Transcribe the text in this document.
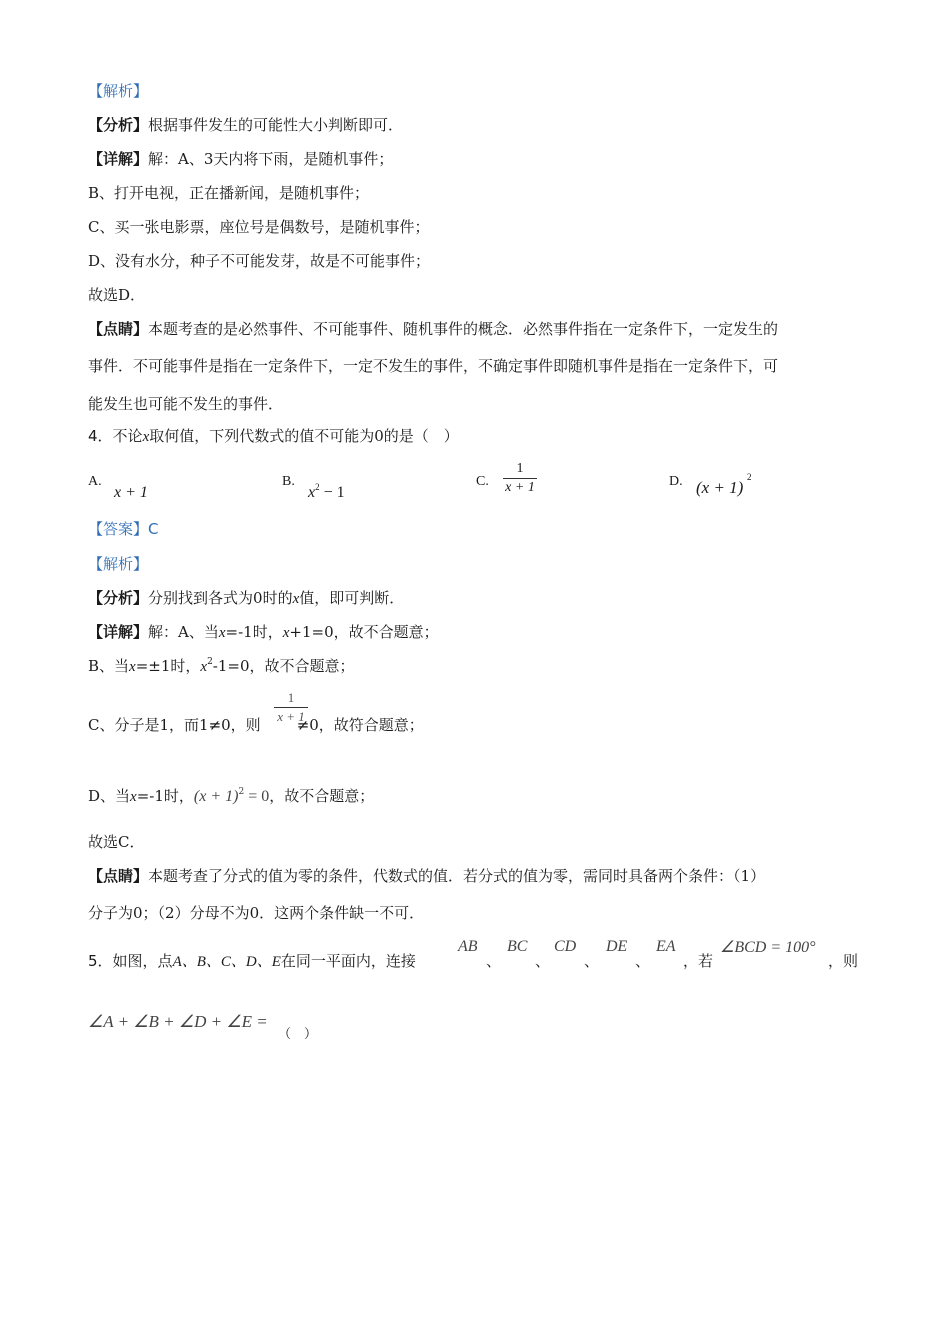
【解析】
【分析】根据事件发生的可能性大小判断即可．
【详解】解：A、3天内将下雨，是随机事件；
B、打开电视，正在播新闻，是随机事件；
C、买一张电影票，座位号是偶数号，是随机事件；
D、没有水分，种子不可能发芽，故是不可能事件；
故选D．
【点睛】本题考查的是必然事件、不可能事件、随机事件的概念．必然事件指在一定条件下，一定发生的
事件．不可能事件是指在一定条件下，一定不发生的事件，不确定事件即随机事件是指在一定条件下，可
能发生也可能不发生的事件．
4．不论x取何值，下列代数式的值不可能为0的是（　）
A.
x + 1
B.
$x^2 - 1$
C.
1
x + 1	D. (x + 1)
2
【答案】C
【解析】
【分析】分别找到各式为0时的x值，即可判断．
【详解】解：A、当x=-1时，x+1=0，故不合题意；
B、当x=±1时，$x^2-1=0$，故不合题意；
C、分子是1，而1≠0，则 ≠0，故符合题意；
1
x + 1
D、当x=-1时，$(x + 1)^2 = 0$，故不合题意；
故选C．
【点睛】本题考查了分式的值为零的条件，代数式的值．若分式的值为零，需同时具备两个条件：（1）
分子为0；（2）分母不为0．这两个条件缺一不可．
5．如图，点A、B、C、D、E在同一平面内，连接
AB
、
BC
、
CD
、
DE
、
EA
，若
∠BCD = 100°
，则
∠A + ∠B + ∠D + ∠E =
（　）
